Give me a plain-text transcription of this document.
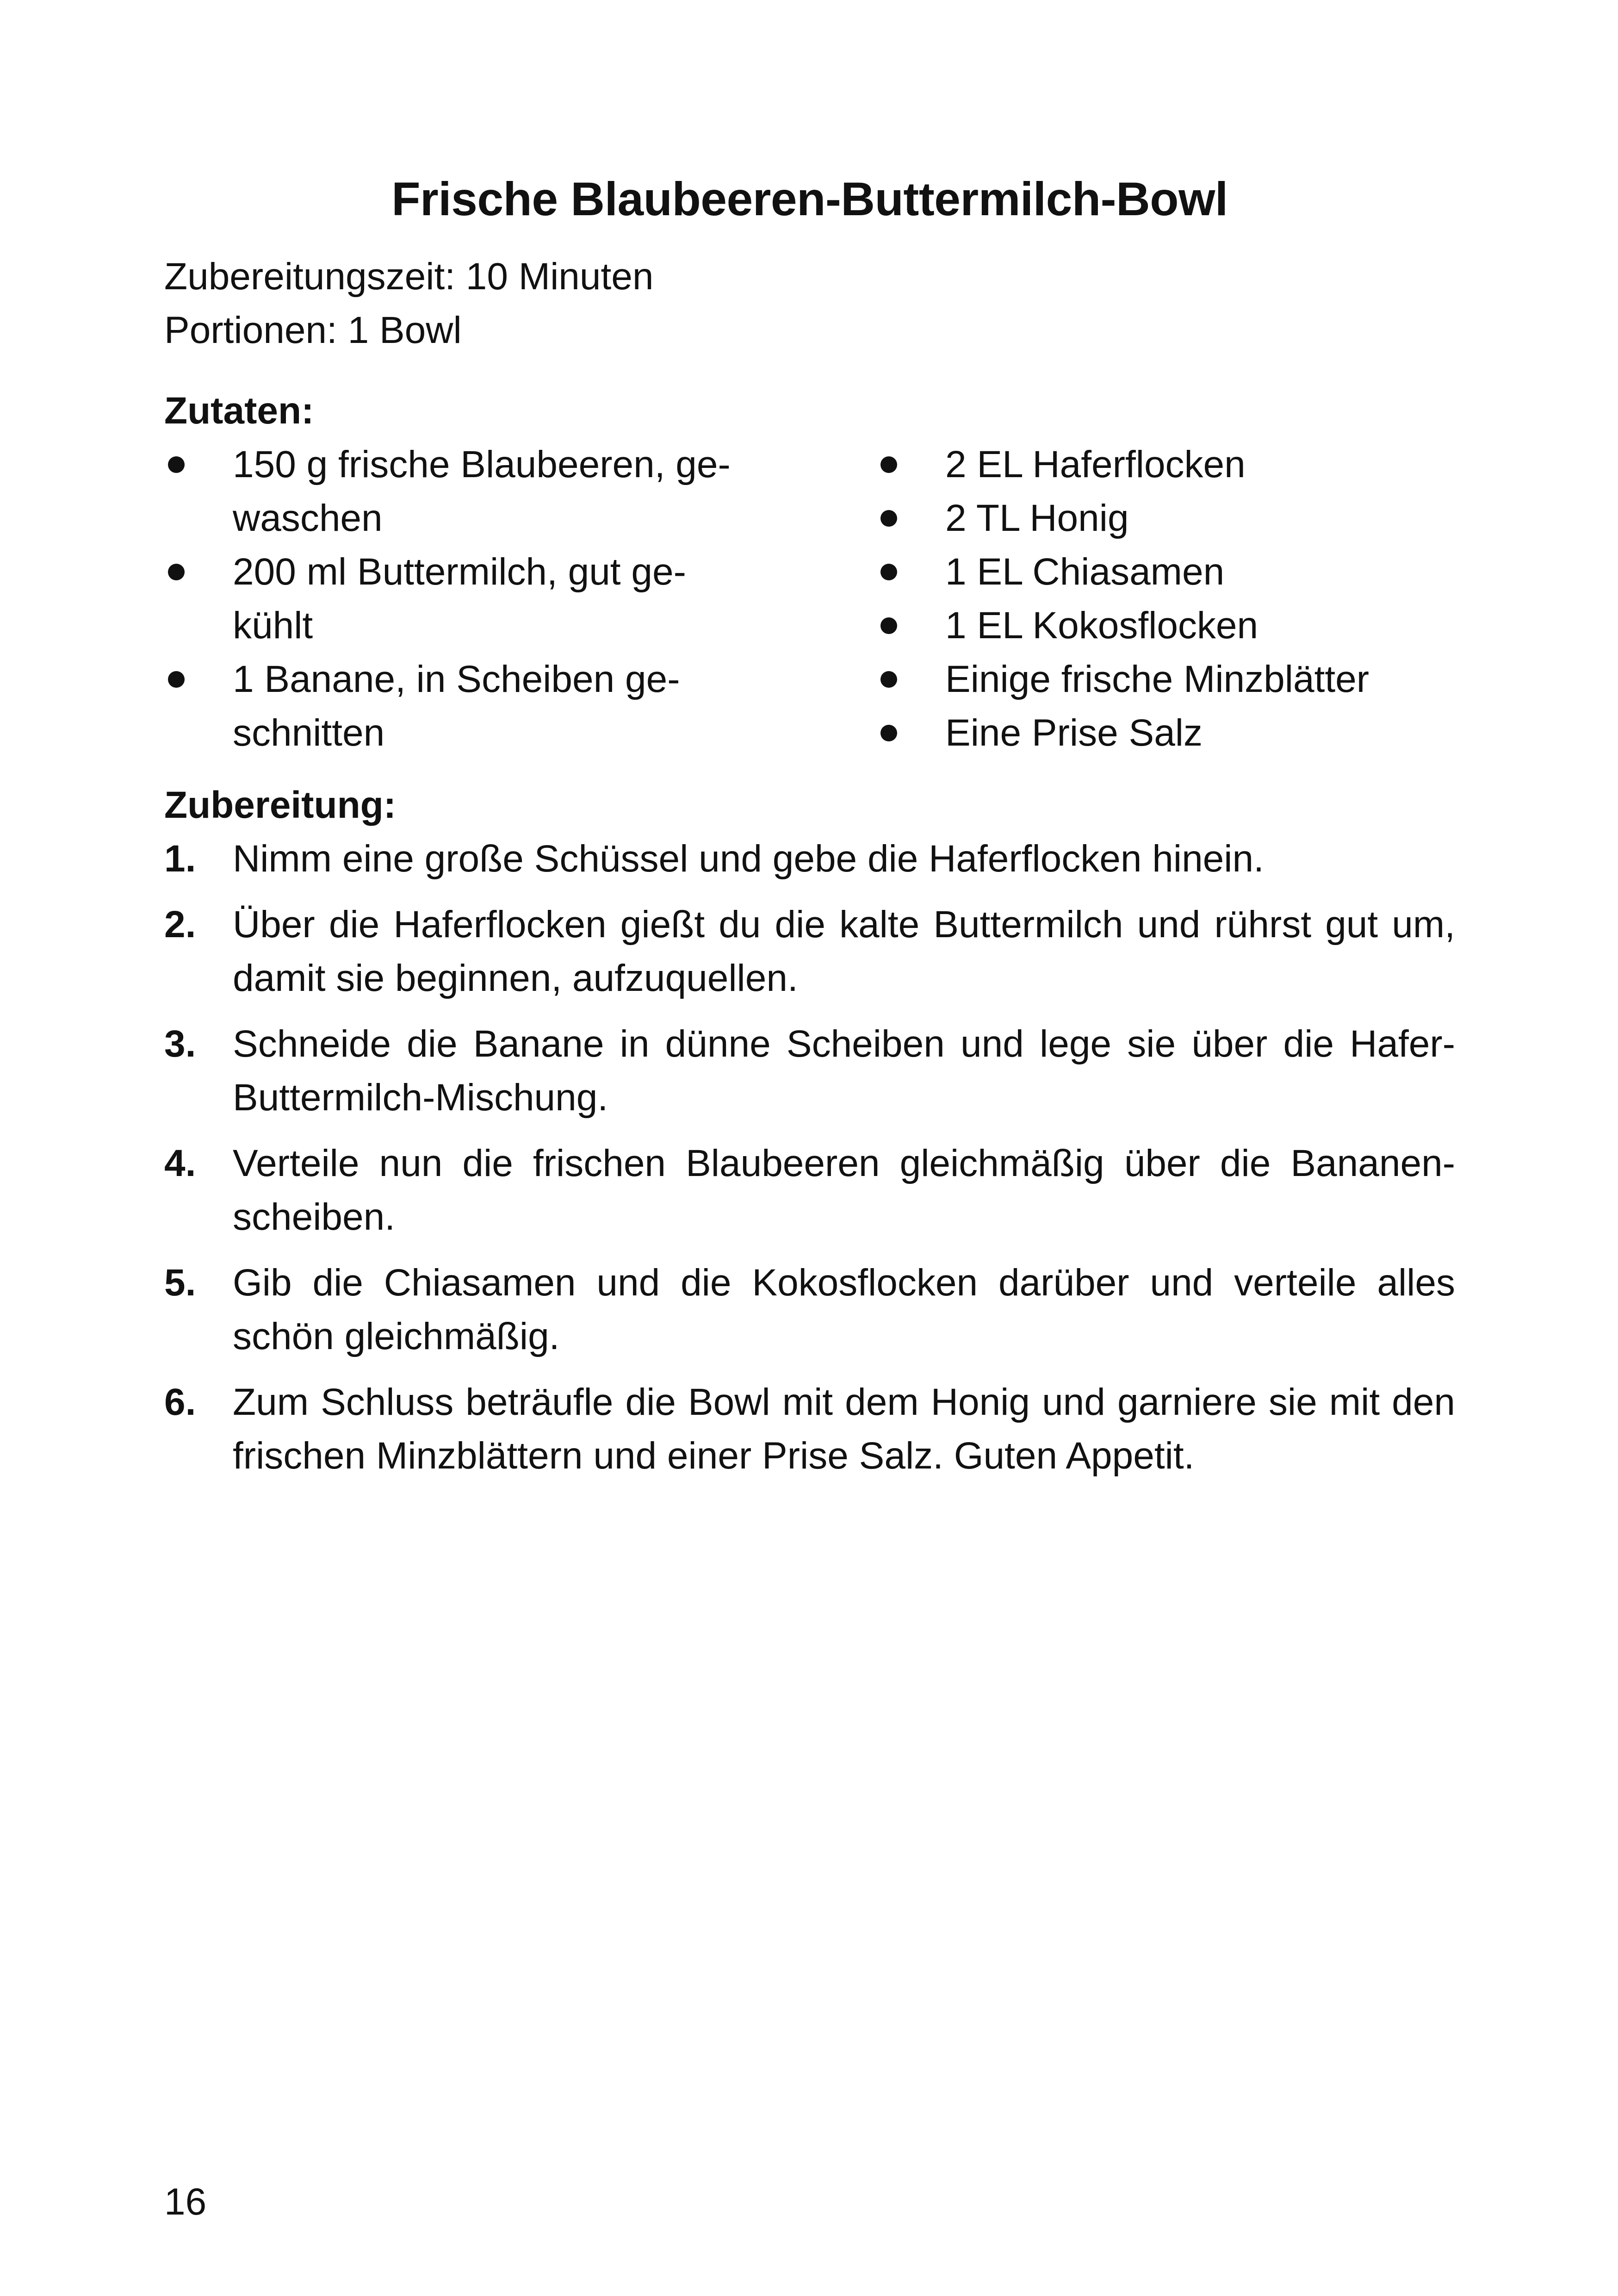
Frische Blaubeeren-Buttermilch-Bowl
Zubereitungszeit: 10 Minuten
Portionen: 1 Bowl
Zutaten:
150 g frische Blaubeeren, gewaschen
200 ml Buttermilch, gut gekühlt
1 Banane, in Scheiben geschnitten
2 EL Haferflocken
2 TL Honig
1 EL Chiasamen
1 EL Kokosflocken
Einige frische Minzblätter
Eine Prise Salz
Zubereitung:
1. Nimm eine große Schüssel und gebe die Haferflocken hinein.
2. Über die Haferflocken gießt du die kalte Buttermilch und rührst gut um, damit sie beginnen, aufzuquellen.
3. Schneide die Banane in dünne Scheiben und lege sie über die Hafer-Buttermilch-Mischung.
4. Verteile nun die frischen Blaubeeren gleichmäßig über die Bananenscheiben.
5. Gib die Chiasamen und die Kokosflocken darüber und verteile alles schön gleichmäßig.
6. Zum Schluss beträufle die Bowl mit dem Honig und garniere sie mit den frischen Minzblättern und einer Prise Salz. Guten Appetit.
16
